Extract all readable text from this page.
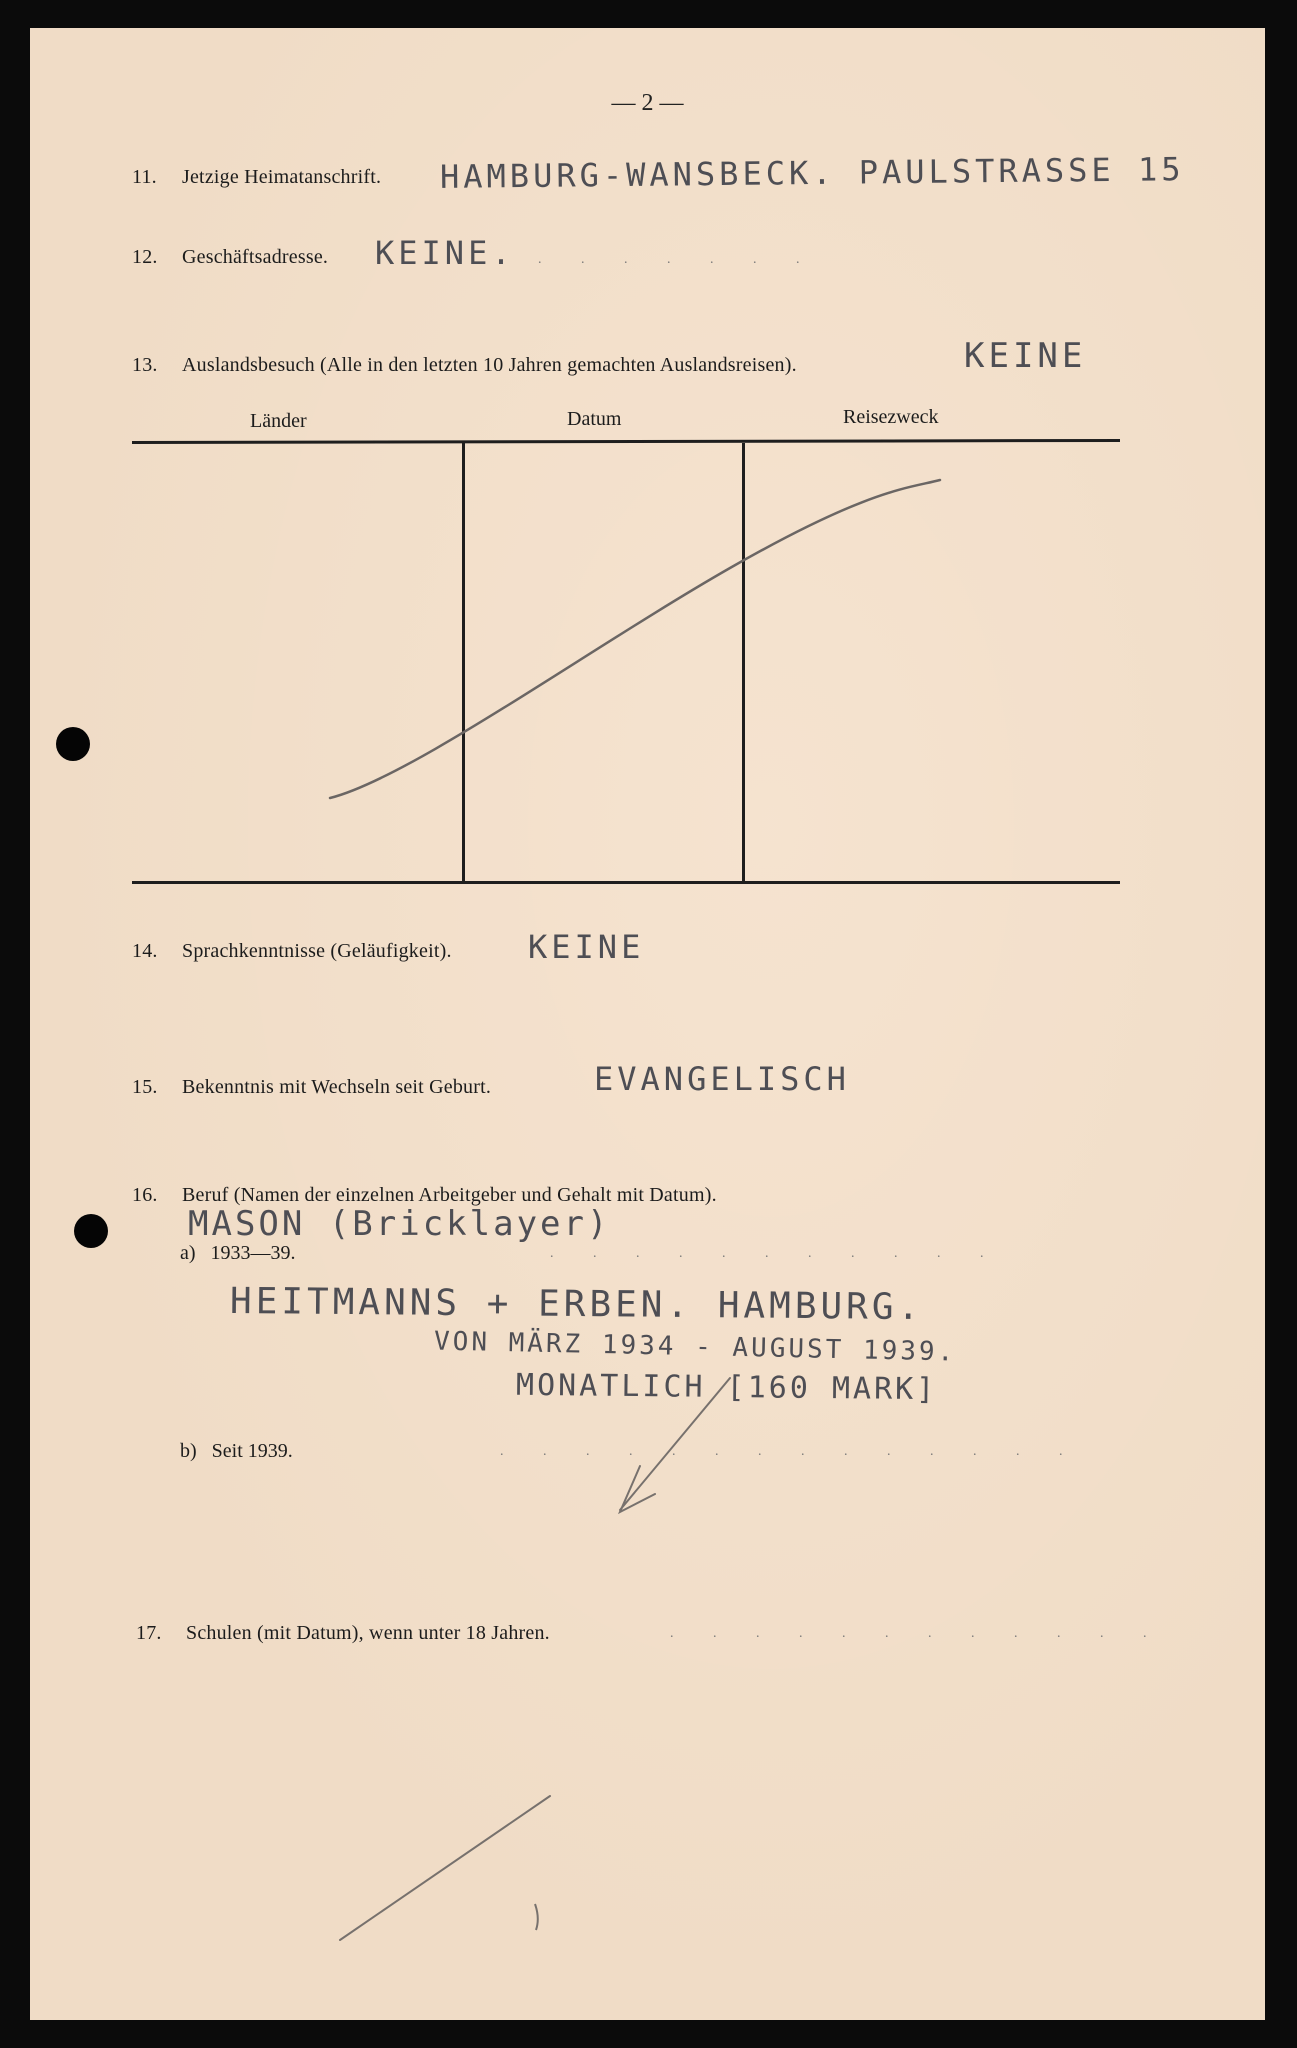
— 2 —
11. Jetzige Heimatanschrift. HAMBURG-WANSBECK. PAULSTRASSE 15
12. Geschäftsadresse. KEINE.
13. Auslandsbesuch (Alle in den letzten 10 Jahren gemachten Auslandsreisen).	KEINE
Länder	Datum	Reisezweck
14. Sprachkenntnisse (Geläufigkeit). KEINE
15. Bekenntnis mit Wechseln seit Geburt.	EVANGELISCH
16. Beruf (Namen der einzelnen Arbeitgeber und Gehalt mit Datum).
MASON (Bricklayer)
a) 1933—39.	. . . . . . . . . . .
HEITMANNS + ERBEN. HAMBURG.
VON MÄRZ 1934 - AUGUST 1939.
MONATLICH [160 MARK]
b) Seit 1939.	. . . . . . . . . . . . . .
17. Schulen (mit Datum), wenn unter 18 Jahren.	. . . . . . . . . . . .
. . . . . . .
